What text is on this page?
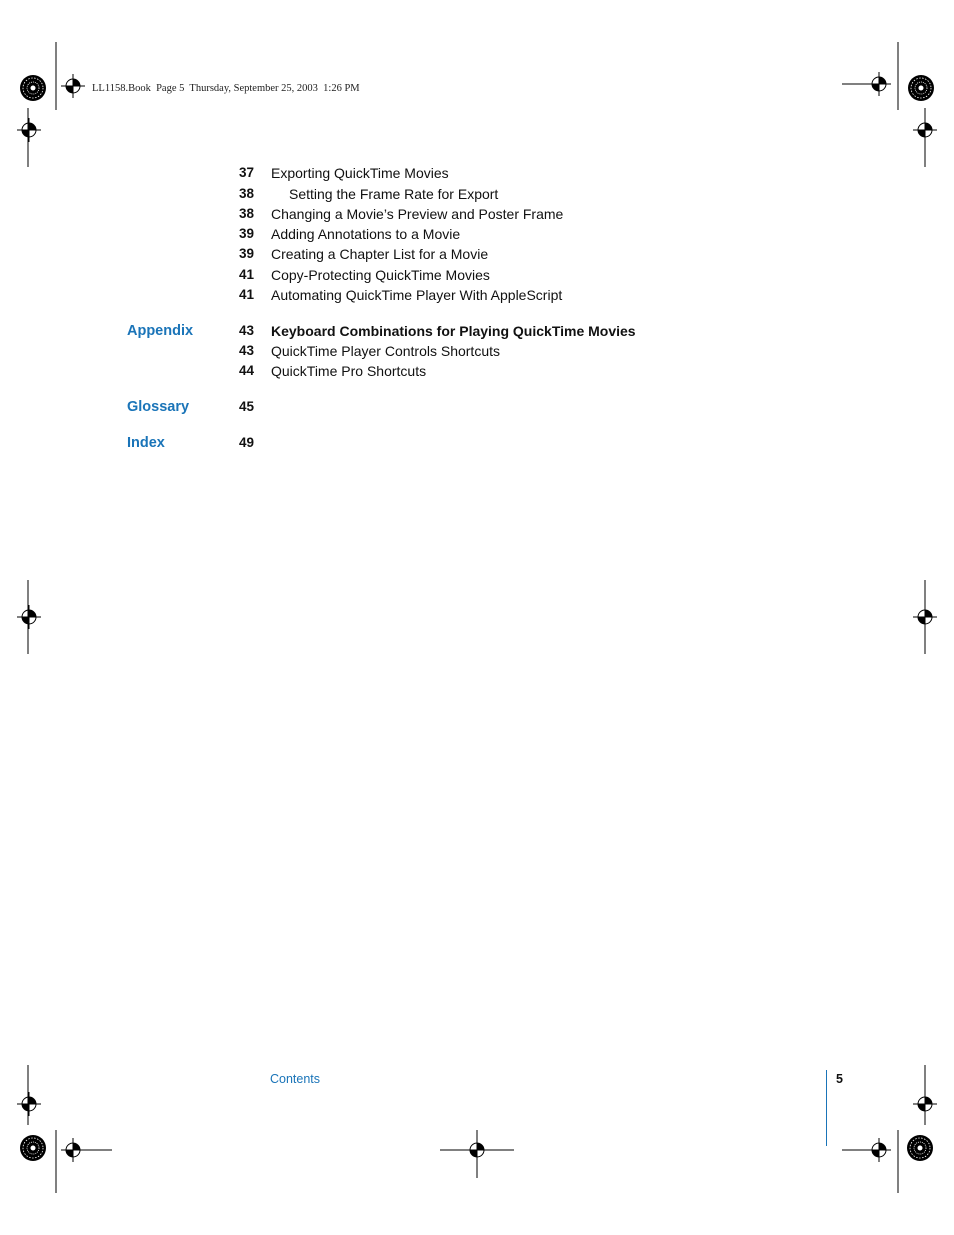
LL1158.Book  Page 5  Thursday, September 25, 2003  1:26 PM
37 Exporting QuickTime Movies
38	Setting the Frame Rate for Export
38 Changing a Movie’s Preview and Poster Frame
39 Adding Annotations to a Movie
39 Creating a Chapter List for a Movie
41 Copy-Protecting QuickTime Movies
41 Automating QuickTime Player With AppleScript
Appendix	43 Keyboard Combinations for Playing QuickTime Movies
43 QuickTime Player Controls Shortcuts
44 QuickTime Pro Shortcuts
Glossary	45
Index	49
Contents	5
